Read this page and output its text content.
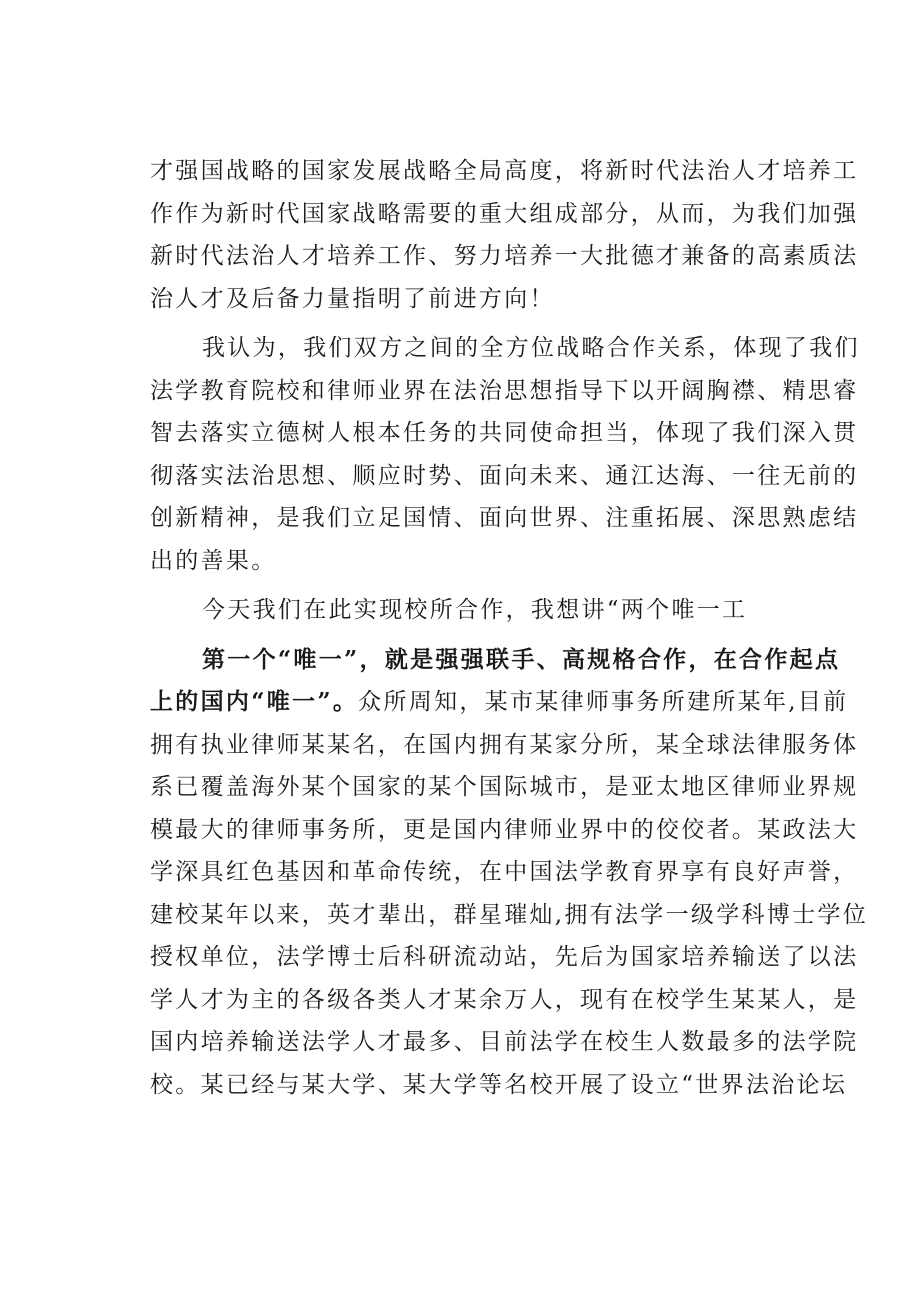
才强国战略的国家发展战略全局高度，将新时代法治人才培养工
作作为新时代国家战略需要的重大组成部分，从而，为我们加强
新时代法治人才培养工作、努力培养一大批德才兼备的高素质法
治人才及后备力量指明了前进方向！
我认为，我们双方之间的全方位战略合作关系，体现了我们
法学教育院校和律师业界在法治思想指导下以开阔胸襟、精思睿
智去落实立德树人根本任务的共同使命担当，体现了我们深入贯
彻落实法治思想、顺应时势、面向未来、通江达海、一往无前的
创新精神，是我们立足国情、面向世界、注重拓展、深思熟虑结
出的善果。
今天我们在此实现校所合作，我想讲“两个唯一工
第一个“唯一”，就是强强联手、高规格合作，在合作起点
上的国内“唯一”。众所周知，某市某律师事务所建所某年,目前
拥有执业律师某某名，在国内拥有某家分所，某全球法律服务体
系已覆盖海外某个国家的某个国际城市，是亚太地区律师业界规
模最大的律师事务所，更是国内律师业界中的佼佼者。某政法大
学深具红色基因和革命传统，在中国法学教育界享有良好声誉，
建校某年以来，英才辈出，群星璀灿,拥有法学一级学科博士学位
授权单位，法学博士后科研流动站，先后为国家培养输送了以法
学人才为主的各级各类人才某余万人，现有在校学生某某人，是
国内培养输送法学人才最多、目前法学在校生人数最多的法学院
校。某已经与某大学、某大学等名校开展了设立“世界法治论坛
